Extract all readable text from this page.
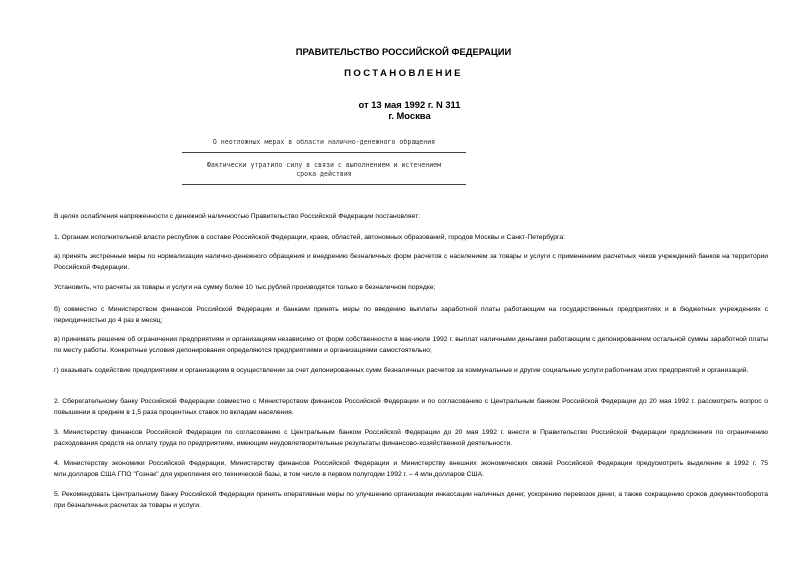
ПРАВИТЕЛЬСТВО РОССИЙСКОЙ ФЕДЕРАЦИИ
ПОСТАНОВЛЕНИЕ
от 13 мая 1992 г. N 311
г. Москва
О неотложных мерах в области налично-денежного обращения
Фактически утратило силу в связи с выполнением и истечением
срока действия
В целях ослабления напряженности с денежной наличностью Правительство Российской Федерации постановляет:
1. Органам исполнительной власти республик в составе Российской Федерации, краев, областей, автономных образований, городов Москвы и Санкт-Петербурга:
а) принять экстренные меры по нормализации налично-денежного обращения и внедрению безналичных форм расчетов с населением за товары и услуги с применением расчетных чеков учреждений банков на территории Российской Федерации.
Установить, что расчеты за товары и услуги на сумму более 10 тыс.рублей производятся только в безналичном порядке;
б) совместно с Министерством финансов Российской Федерации и банками принять меры по введению выплаты заработной платы работающим на государственных предприятиях и в бюджетных учреждениях с периодичностью до 4 раз в месяц;
в) принимать решение об ограничении предприятиям и организациям независимо от форм собственности в мае-июле 1992 г. выплат наличными деньгами работающим с депонированием остальной суммы заработной платы по месту работы. Конкретные условия депонирования определяются предприятиями и организациями самостоятельно;
г) оказывать содействие предприятиям и организациям в осуществлении за счет депонированных сумм безналичных расчетов за коммунальные и другие социальные услуги работникам этих предприятий и организаций.
2. Сберегательному банку Российской Федерации совместно с Министерством финансов Российской Федерации и по согласованию с Центральным банком Российской Федерации до 20 мая 1992 г. рассмотреть вопрос о повышении в среднем в 1,5 раза процентных ставок по вкладам населения.
3. Министерству финансов Российской Федерации по согласованию с Центральным банком Российской Федерации до 20 мая 1992 г. внести в Правительство Российской Федерации предложения по ограничению расходования средств на оплату труда по предприятиям, имеющим неудовлетворительные результаты финансово-хозяйственной деятельности.
4. Министерству экономики Российской Федерации, Министерству финансов Российской Федерации и Министерству внешних экономических связей Российской Федерации предусмотреть выделение в 1992 г. 75 млн.долларов США ГПО "Гознак" для укрепления его технической базы, в том числе в первом полугодии 1992 г. – 4 млн.долларов США.
5. Рекомендовать Центральному банку Российской Федерации принять оперативные меры по улучшению организации инкассации наличных денег, ускорению перевозок денег, а также сокращению сроков документооборота при безналичных расчетах за товары и услуги.
